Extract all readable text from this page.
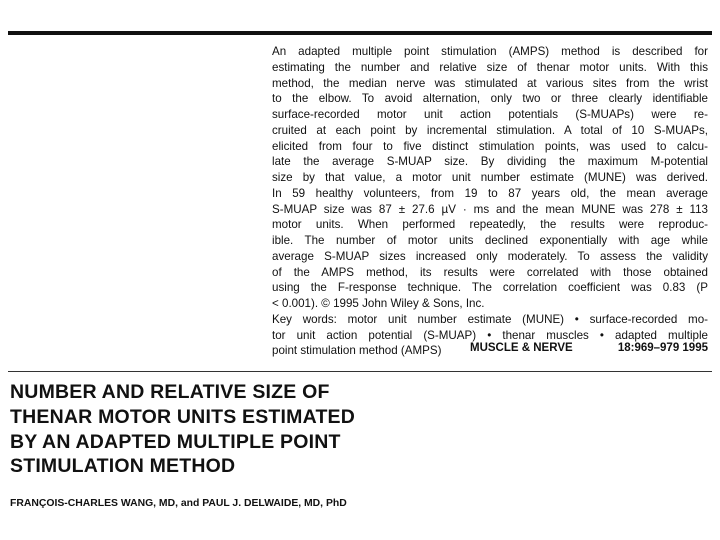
An adapted multiple point stimulation (AMPS) method is described for
estimating the number and relative size of thenar motor units. With this
method, the median nerve was stimulated at various sites from the wrist
to the elbow. To avoid alternation, only two or three clearly identifiable
surface-recorded motor unit action potentials (S-MUAPs) were re-
cruited at each point by incremental stimulation. A total of 10 S-MUAPs,
elicited from four to five distinct stimulation points, was used to calcu-
late the average S-MUAP size. By dividing the maximum M-potential
size by that value, a motor unit number estimate (MUNE) was derived.
In 59 healthy volunteers, from 19 to 87 years old, the mean average
S-MUAP size was 87 ± 27.6 µV · ms and the mean MUNE was 278 ± 113
motor units. When performed repeatedly, the results were reproduc-
ible. The number of motor units declined exponentially with age while
average S-MUAP sizes increased only moderately. To assess the validity
of the AMPS method, its results were correlated with those obtained
using the F-response technique. The correlation coefficient was 0.83 (P
< 0.001). © 1995 John Wiley & Sons, Inc.
Key words: motor unit number estimate (MUNE) • surface-recorded mo-
tor unit action potential (S-MUAP) • thenar muscles • adapted multiple
point stimulation method (AMPS)	MUSCLE & NERVE	18:969–979 1995
NUMBER AND RELATIVE SIZE OF
THENAR MOTOR UNITS ESTIMATED
BY AN ADAPTED MULTIPLE POINT
STIMULATION METHOD
FRANÇOIS-CHARLES WANG, MD, and PAUL J. DELWAIDE, MD, PhD
